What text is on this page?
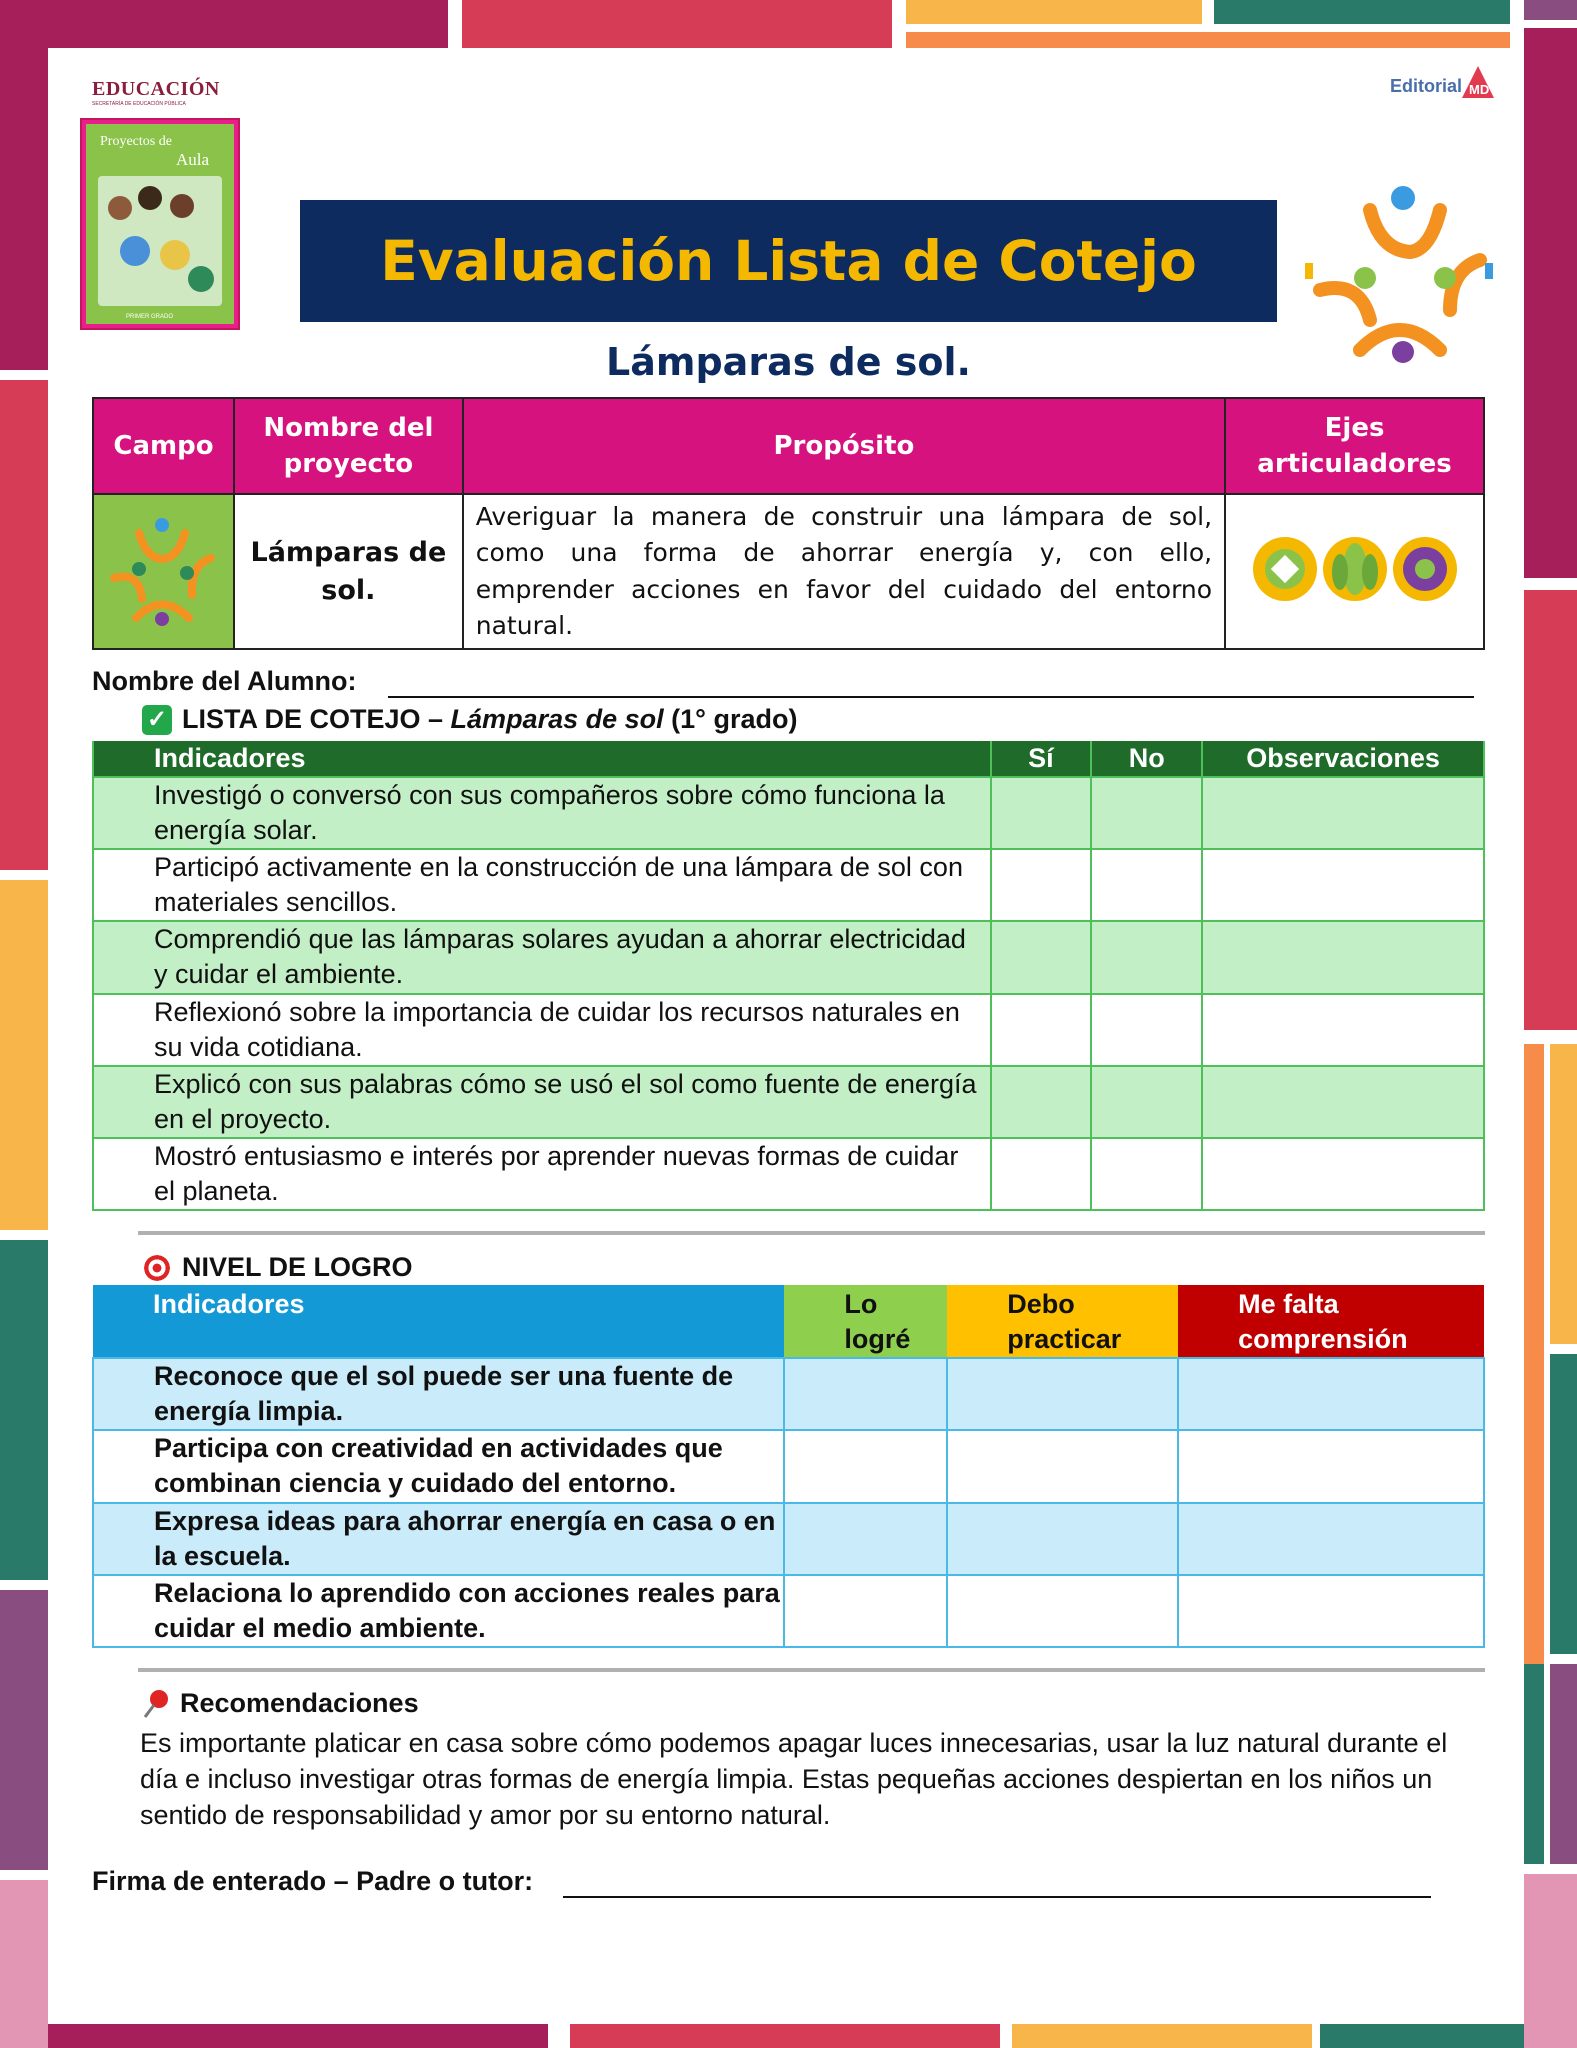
EDUCACIÓN
SECRETARÍA DE EDUCACIÓN PÚBLICA
Proyectos de
Aula
PRIMER GRADO
Editorial MD
Evaluación Lista de Cotejo
Lámparas de sol.
Campo	Nombre del proyecto	Propósito	Ejes articuladores
	Lámparas de sol.	Averiguar la manera de construir una lámpara de sol, como una forma de ahorrar energía y, con ello, emprender acciones en favor del cuidado del entorno natural.	
Nombre del Alumno:
✓ LISTA DE COTEJO – Lámparas de sol (1° grado)
Indicadores	Sí	No	Observaciones
Investigó o conversó con sus compañeros sobre cómo funciona la energía solar.			
Participó activamente en la construcción de una lámpara de sol con materiales sencillos.			
Comprendió que las lámparas solares ayudan a ahorrar electricidad y cuidar el ambiente.			
Reflexionó sobre la importancia de cuidar los recursos naturales en su vida cotidiana.			
Explicó con sus palabras cómo se usó el sol como fuente de energía en el proyecto.			
Mostró entusiasmo e interés por aprender nuevas formas de cuidar el planeta.			
NIVEL DE LOGRO
Indicadores	Lo logré	Debo practicar	Me falta comprensión

Reconoce que el sol puede ser una fuente de energía limpia.			
Participa con creatividad en actividades que combinan ciencia y cuidado del entorno.			
Expresa ideas para ahorrar energía en casa o en la escuela.			
Relaciona lo aprendido con acciones reales para cuidar el medio ambiente.			
Recomendaciones
Es importante platicar en casa sobre cómo podemos apagar luces innecesarias, usar la luz natural durante el día e incluso investigar otras formas de energía limpia. Estas pequeñas acciones despiertan en los niños un sentido de responsabilidad y amor por su entorno natural.
Firma de enterado – Padre o tutor:
